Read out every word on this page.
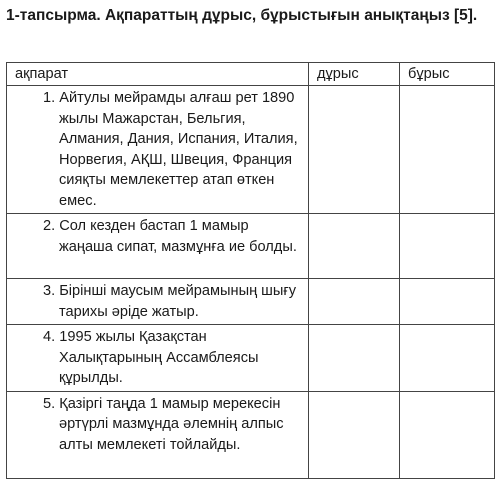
1-тапсырма. Ақпараттың дұрыс, бұрыстығын анықтаңыз [5].
ақпарат	дұрыс	бұрыс
1. Айтулы мейрамды алғаш рет 1890 жылы Мажарстан, Бельгия, Алмания, Дания, Испания, Италия, Норвегия, АҚШ, Швеция, Франция сияқты мемлекеттер атап өткен емес.		
2. Сол кезден бастап 1 мамыр жаңаша сипат, мазмұнға ие болды.		
3. Бірінші маусым мейрамының шығу тарихы әріде жатыр.		
4. 1995 жылы Қазақстан Халықтарының Ассамблеясы құрылды.		
5. Қазіргі таңда 1 мамыр мерекесін әртүрлі мазмұнда әлемнің алпыс алты мемлекеті тойлайды.		
